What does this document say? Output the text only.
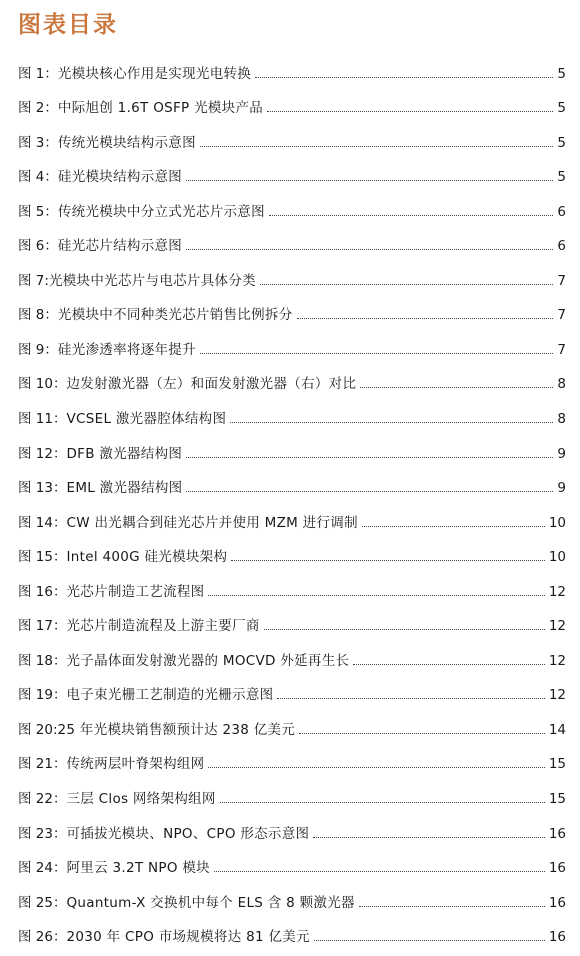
图表目录
图 1： 光模块核心作用是实现光电转换	5
图 2： 中际旭创 1.6T OSFP 光模块产品	5
图 3： 传统光模块结构示意图	5
图 4： 硅光模块结构示意图	5
图 5： 传统光模块中分立式光芯片示意图	6
图 6： 硅光芯片结构示意图	6
图 7: 光模块中光芯片与电芯片具体分类	7
图 8： 光模块中不同种类光芯片销售比例拆分	7
图 9： 硅光渗透率将逐年提升	7
图 10： 边发射激光器（左）和面发射激光器（右）对比	8
图 11： VCSEL 激光器腔体结构图	8
图 12： DFB 激光器结构图	9
图 13： EML 激光器结构图	9
图 14： CW 出光耦合到硅光芯片并使用 MZM 进行调制	10
图 15： Intel 400G 硅光模块架构	10
图 16： 光芯片制造工艺流程图	12
图 17： 光芯片制造流程及上游主要厂商	12
图 18： 光子晶体面发射激光器的 MOCVD 外延再生长	12
图 19： 电子束光栅工艺制造的光栅示意图	12
图 20: 25 年光模块销售额预计达 238 亿美元	14
图 21： 传统两层叶脊架构组网	15
图 22： 三层 Clos 网络架构组网	15
图 23： 可插拔光模块、NPO、CPO 形态示意图	16
图 24： 阿里云 3.2T NPO 模块	16
图 25： Quantum-X 交换机中每个 ELS 含 8 颗激光器	16
图 26： 2030 年 CPO 市场规模将达 81 亿美元	16
